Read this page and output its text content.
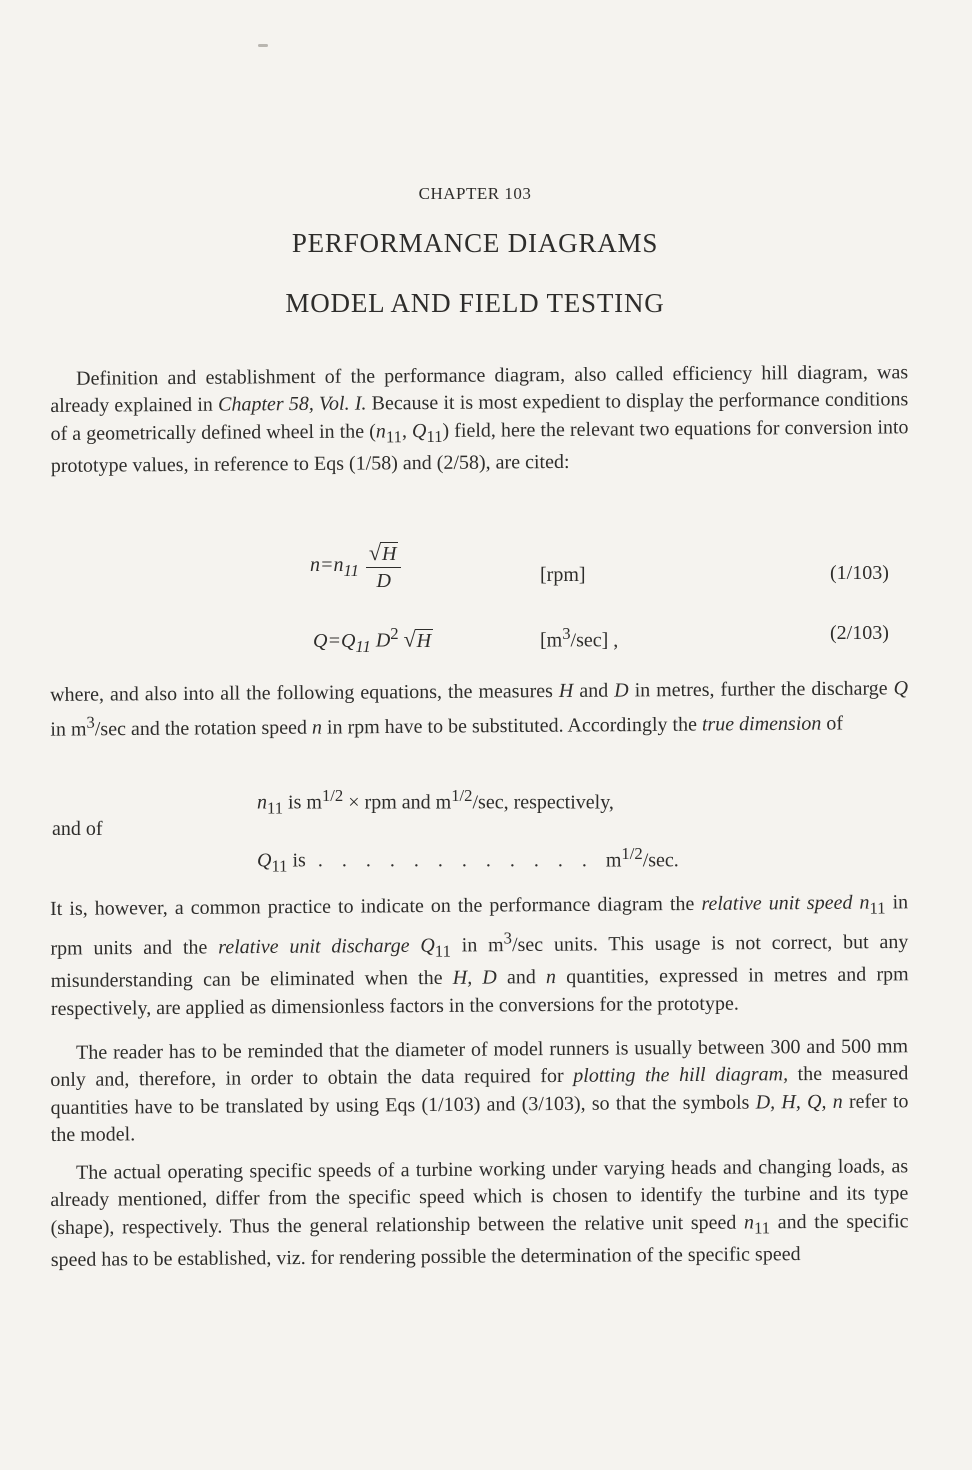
CHAPTER 103
PERFORMANCE DIAGRAMS
MODEL AND FIELD TESTING

Definition and establishment of the performance diagram, also called efficiency hill diagram, was already explained in Chapter 58, Vol. I. Because it is most expedient to display the performance conditions of a geometrically defined wheel in the ($n_{11}$, $Q_{11}$) field, here the relevant two equations for conversion into prototype values, in reference to Eqs (1/58) and (2/58), are cited:

$n=n_{11} \frac{√H}{D}$	[rpm]	(1/103)
$Q=Q_{11}$ $D^2$ √H	$[m^3/\sec]$ ,	(2/103)

where, and also into all the following equations, the measures H and D in metres, further the discharge Q in $m^3/\sec$ and the rotation speed n in rpm have to be substituted. Accordingly the true dimension of

$n_{11}$ is $m^{1/2}$ × rpm and $m^{1/2}/\sec$, respectively,
and of
$Q_{11}$ is . . . . . . . . . . . . $m^{1/2}/\sec$.

It is, however, a common practice to indicate on the performance diagram the relative unit speed $n_{11}$ in rpm units and the relative unit discharge $Q_{11}$ in $m^3/\sec$ units. This usage is not correct, but any misunderstanding can be eliminated when the H, D and n quantities, expressed in metres and rpm respectively, are applied as dimensionless factors in the conversions for the prototype.

The reader has to be reminded that the diameter of model runners is usually between 300 and 500 mm only and, therefore, in order to obtain the data required for plotting the hill diagram, the measured quantities have to be translated by using Eqs (1/103) and (3/103), so that the symbols D, H, Q, n refer to the model.

The actual operating specific speeds of a turbine working under varying heads and changing loads, as already mentioned, differ from the specific speed which is chosen to identify the turbine and its type (shape), respectively. Thus the general relationship between the relative unit speed $n_{11}$ and the specific speed has to be established, viz. for rendering possible the determination of the specific speed
